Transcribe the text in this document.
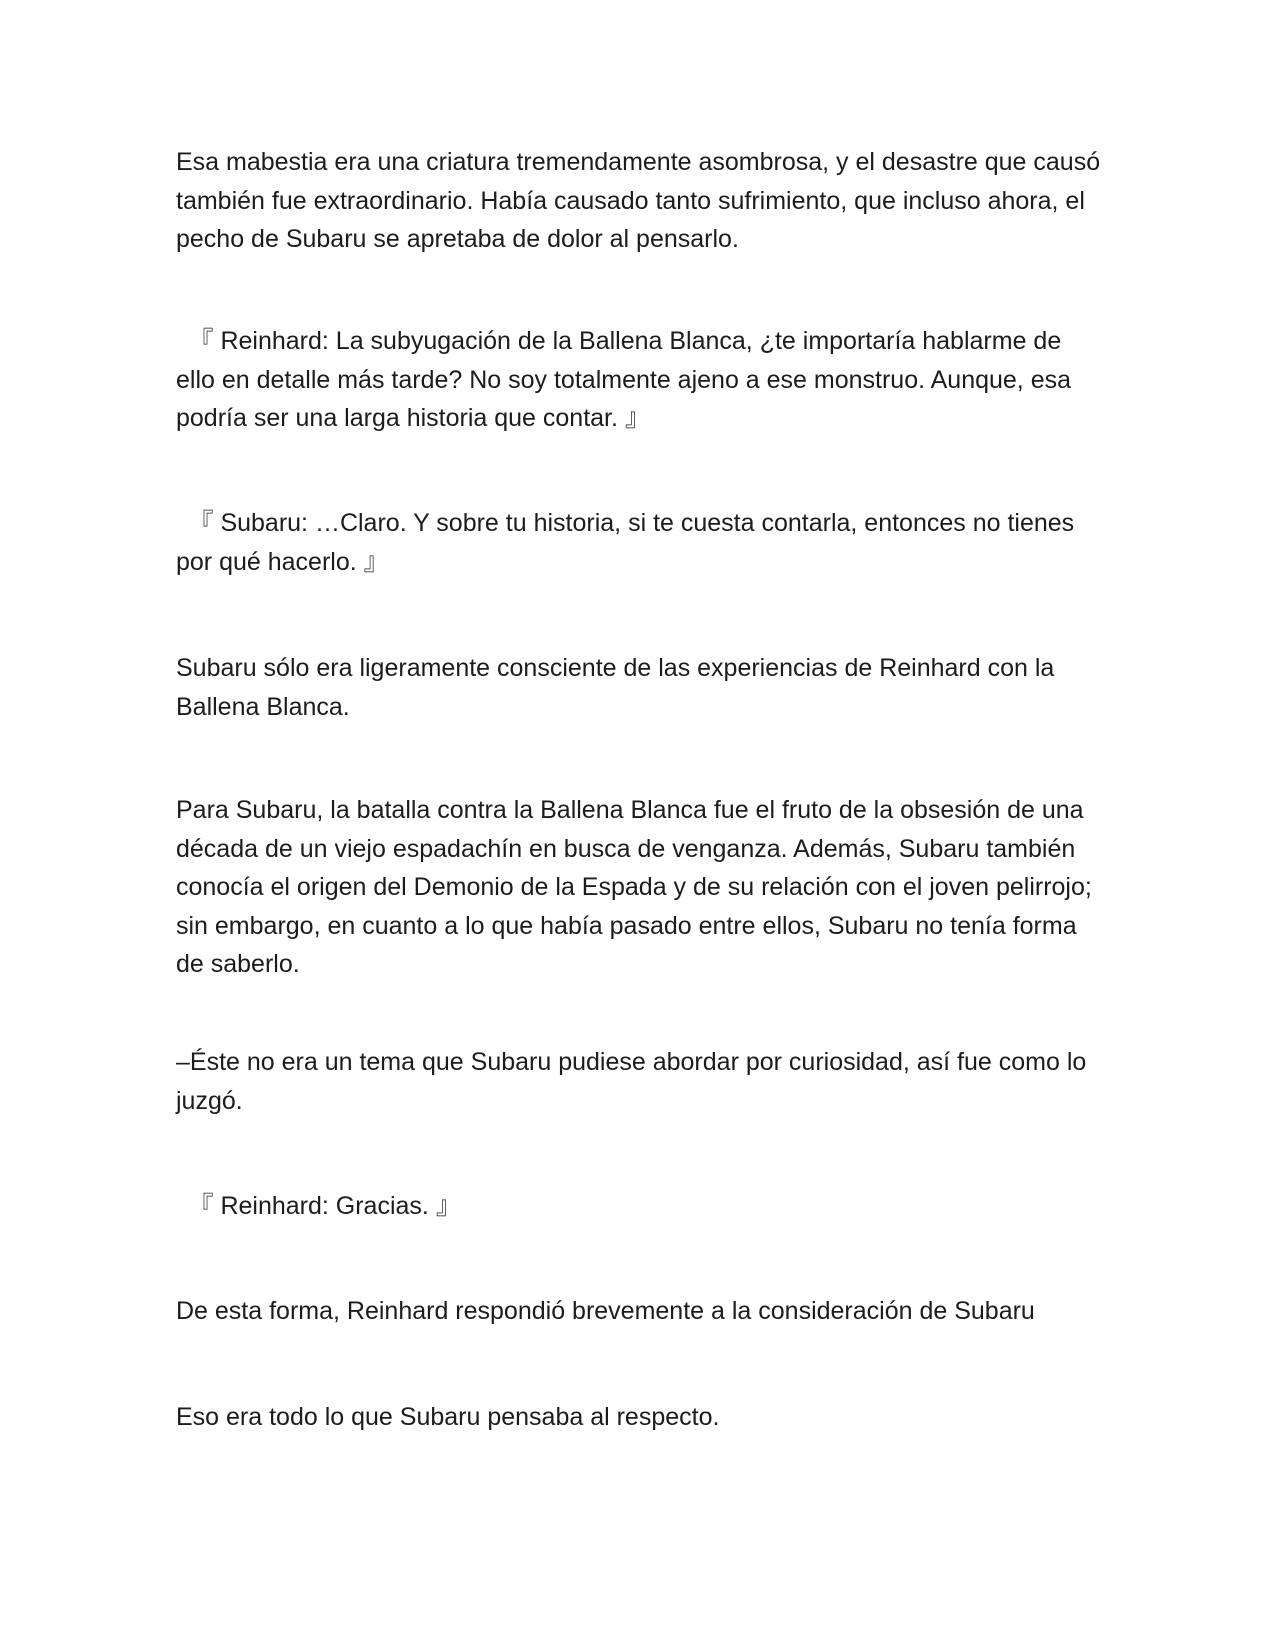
Esa mabestia era una criatura tremendamente asombrosa, y el desastre que causó también fue extraordinario. Había causado tanto sufrimiento, que incluso ahora, el pecho de Subaru se apretaba de dolor al pensarlo.

　『 Reinhard: La subyugación de la Ballena Blanca, ¿te importaría hablarme de ello en detalle más tarde? No soy totalmente ajeno a ese monstruo. Aunque, esa podría ser una larga historia que contar. 』

　『 Subaru: …Claro. Y sobre tu historia, si te cuesta contarla, entonces no tienes por qué hacerlo. 』

Subaru sólo era ligeramente consciente de las experiencias de Reinhard con la Ballena Blanca.

Para Subaru, la batalla contra la Ballena Blanca fue el fruto de la obsesión de una década de un viejo espadachín en busca de venganza. Además, Subaru también conocía el origen del Demonio de la Espada y de su relación con el joven pelirrojo; sin embargo, en cuanto a lo que había pasado entre ellos, Subaru no tenía forma de saberlo.

–Éste no era un tema que Subaru pudiese abordar por curiosidad, así fue como lo juzgó.

　『 Reinhard: Gracias. 』

De esta forma, Reinhard respondió brevemente a la consideración de Subaru

Eso era todo lo que Subaru pensaba al respecto.
